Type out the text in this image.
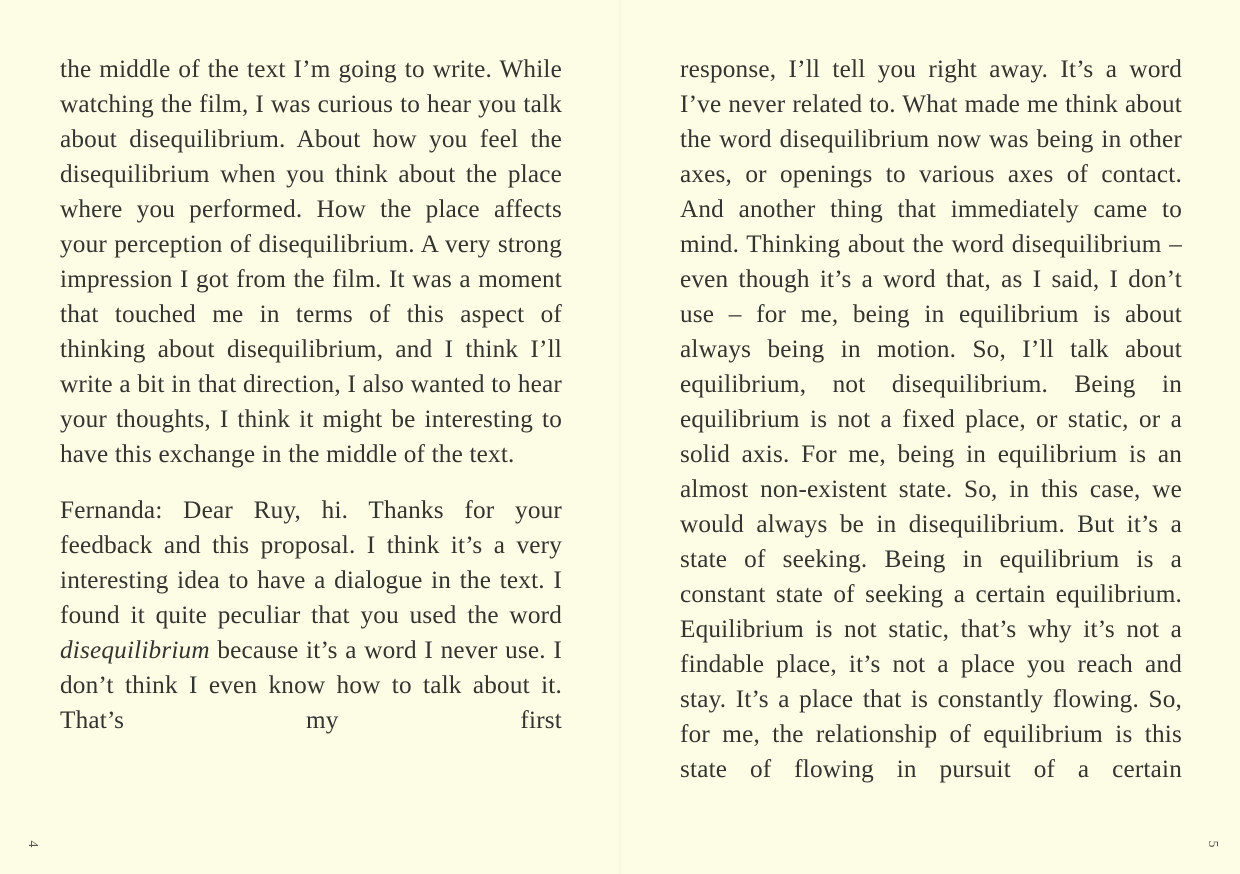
the middle of the text I’m going to write. While watching the film, I was curious to hear you talk about disequilibrium. About how you feel the disequilibrium when you think about the place where you performed. How the place affects your perception of disequilibrium. A very strong impression I got from the film. It was a moment that touched me in terms of this aspect of thinking about disequilibrium, and I think I’ll write a bit in that direction, I also wanted to hear your thoughts, I think it might be interesting to have this exchange in the middle of the text.

Fernanda: Dear Ruy, hi. Thanks for your feedback and this proposal. I think it’s a very interesting idea to have a dialogue in the text. I found it quite peculiar that you used the word disequilibrium because it’s a word I never use. I don’t think I even know how to talk about it. That’s my first

response, I’ll tell you right away. It’s a word I’ve never related to. What made me think about the word disequilibrium now was being in other axes, or openings to various axes of contact. And another thing that immediately came to mind. Thinking about the word disequilibrium – even though it’s a word that, as I said, I don’t use – for me, being in equilibrium is about always being in motion. So, I’ll talk about equilibrium, not disequilibrium. Being in equilibrium is not a fixed place, or static, or a solid axis. For me, being in equilibrium is an almost non-existent state. So, in this case, we would always be in disequilibrium. But it’s a state of seeking. Being in equilibrium is a constant state of seeking a certain equilibrium. Equilibrium is not static, that’s why it’s not a findable place, it’s not a place you reach and stay. It’s a place that is constantly flowing. So, for me, the relationship of equilibrium is this state of flowing in pursuit of a certain

4	5
